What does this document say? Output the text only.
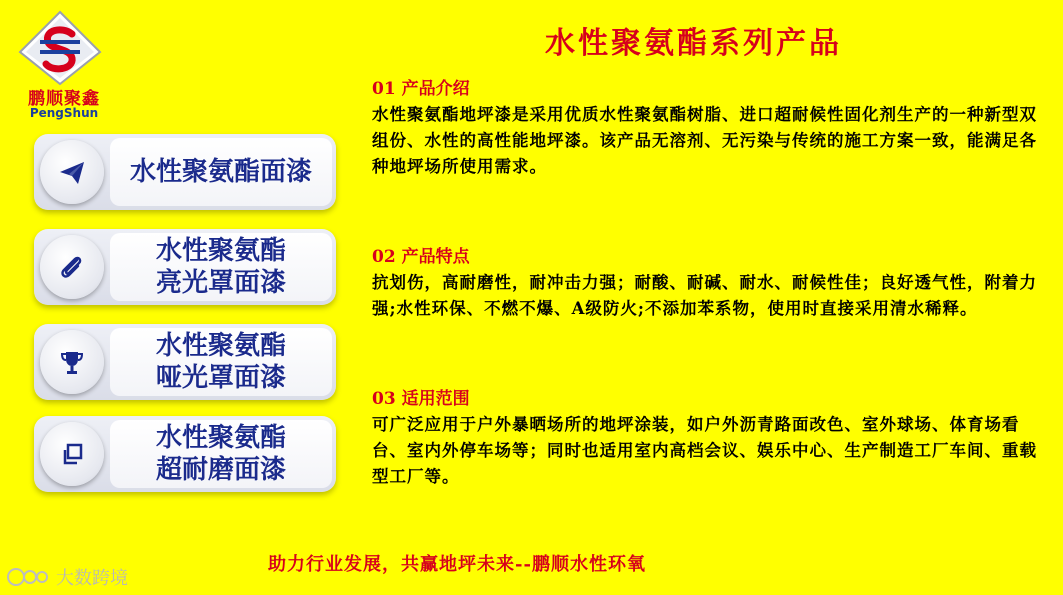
鹏顺聚鑫
PengShun
水性聚氨酯系列产品
水性聚氨酯面漆
水性聚氨酯
亮光罩面漆
水性聚氨酯
哑光罩面漆
水性聚氨酯
超耐磨面漆
01 产品介绍
水性聚氨酯地坪漆是采用优质水性聚氨酯树脂、进口超耐候性固化剂生产的一种新型双组份、水性的高性能地坪漆。该产品无溶剂、无污染与传统的施工方案一致，能满足各种地坪场所使用需求。
02 产品特点
抗划伤，高耐磨性，耐冲击力强；耐酸、耐碱、耐水、耐候性佳；良好透气性，附着力强;水性环保、不燃不爆、A级防火;不添加苯系物，使用时直接采用清水稀释。
03 适用范围
可广泛应用于户外暴晒场所的地坪涂装，如户外沥青路面改色、室外球场、体育场看台、室内外停车场等；同时也适用室内高档会议、娱乐中心、生产制造工厂车间、重载型工厂等。
助力行业发展，共赢地坪未来--鹏顺水性环氧
大数跨境
